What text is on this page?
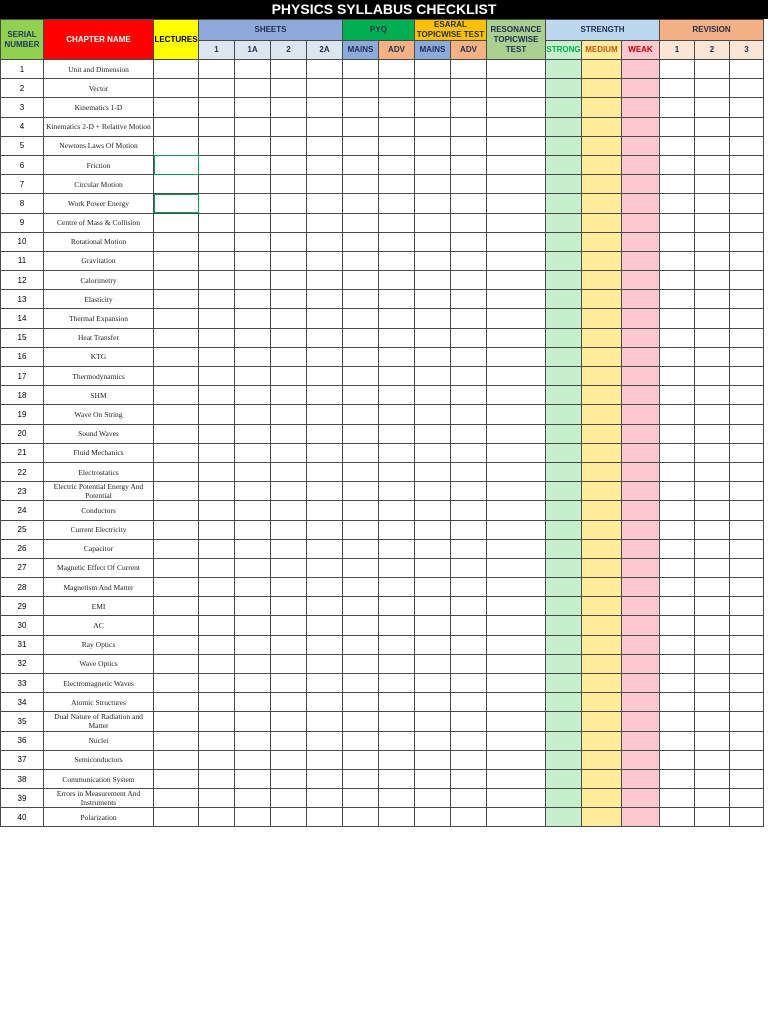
PHYSICS SYLLABUS CHECKLIST
SERIAL NUMBER	CHAPTER NAME	LECTURES	SHEETS				PYQ		ESARAL TOPICWISE TEST		RESONANCE TOPICWISE TEST	STRENGTH			REVISION		
			1	1A	2	2A	MAINS	ADV	MAINS	ADV		STRONG	MEDIUM	WEAK	1	2	3
1	Unit and Dimension																
2	Vector																
3	Kinematics 1-D																
4	Kinematics 2-D + Relative Motion																
5	Newtons Laws Of Motion																
6	Friction																
7	Circular Motion																
8	Work Power Energy																
9	Centre of Mass & Collision																
10	Rotational Motion																
11	Gravitation																
12	Calorimetry																
13	Elasticity																
14	Thermal Expansion																
15	Heat Transfer																
16	KTG																
17	Thermodynamics																
18	SHM																
19	Wave On String																
20	Sound Waves																
21	Fluid Mechanics																
22	Electrostatics																
23	Electric Potential Energy And Potential																
24	Conductors																
25	Current Electricity																
26	Capacitor																
27	Magnetic Effect Of Current																
28	Magnetism And Matter																
29	EMI																
30	AC																
31	Ray Optics																
32	Wave Optics																
33	Electromagnetic Waves																
34	Atomic Structures																
35	Dual Nature of Radiation and Matter																
36	Nuclei																
37	Semiconductors																
38	Communication System																
39	Errors in Measurement And Instruments																
40	Polarization																
